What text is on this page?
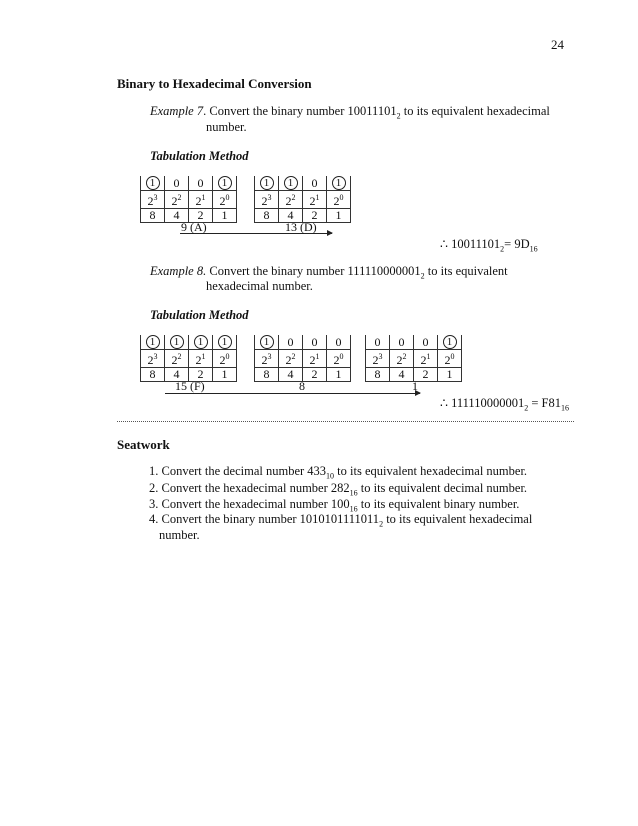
24
Binary to Hexadecimal Conversion
Example 7. Convert the binary number $10011101_2$ to its equivalent hexadecimal
number.
Tabulation Method
1	0	0	1
$2^3$	$2^2$	$2^1$	$2^0$
8	4	2	1
1	1	0	1
$2^3$	$2^2$	$2^1$	$2^0$
8	4	2	1
9 (A)	13 (D)
∴ $10011101_2= 9D_{16}$
Example 8. Convert the binary number $111110000001_2$ to its equivalent
hexadecimal number.
Tabulation Method
1	1	1	1
$2^3$	$2^2$	$2^1$	$2^0$
8	4	2	1
1	0	0	0
$2^3$	$2^2$	$2^1$	$2^0$
8	4	2	1
0	0	0	1
$2^3$	$2^2$	$2^1$	$2^0$
8	4	2	1
15 (F)	8	1
∴ $111110000001_2 = F81_{16}$
Seatwork
1. Convert the decimal number $433_{10}$ to its equivalent hexadecimal number.
2. Convert the hexadecimal number $282_{16}$ to its equivalent decimal number.
3. Convert the hexadecimal number $100_{16}$ to its equivalent binary number.
4. Convert the binary number $1010101111011_2$ to its equivalent hexadecimal
number.
